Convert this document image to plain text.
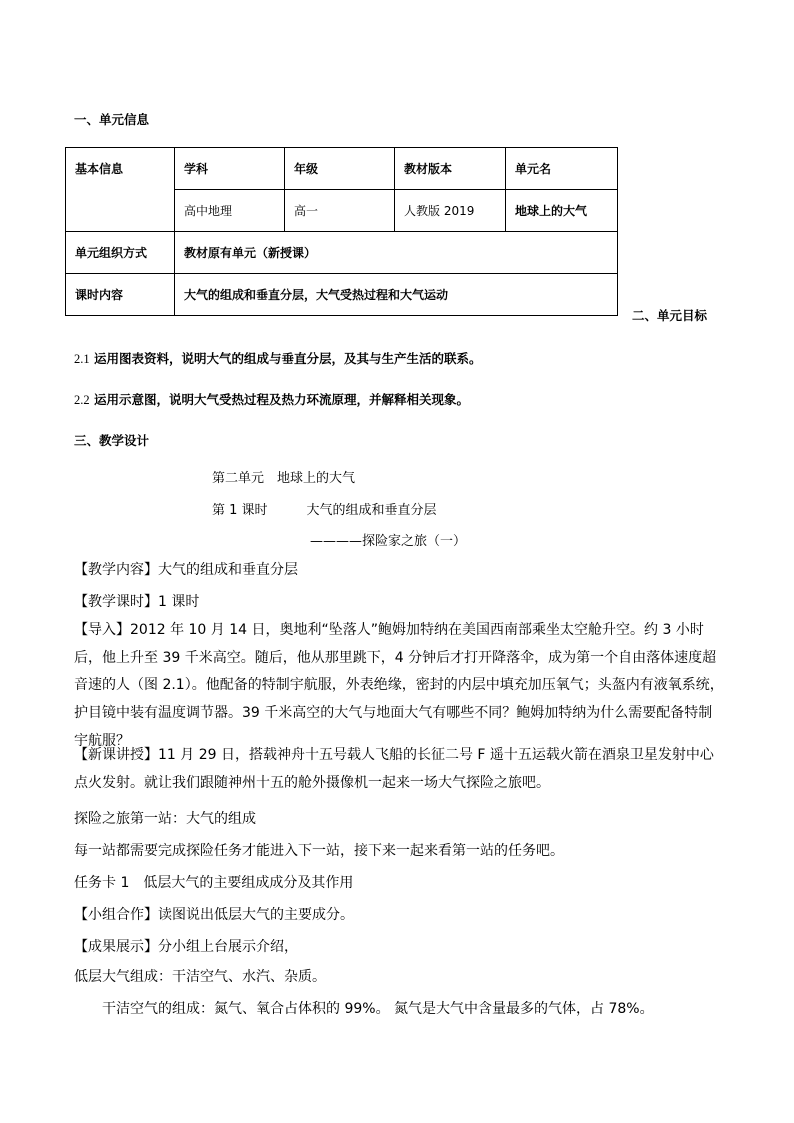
一、单元信息
基本信息	学科	年级	教材版本	单元名
	高中地理	高一	人教版 2019	地球上的大气
单元组织方式	教材原有单元（新授课）			
课时内容	大气的组成和垂直分层，大气受热过程和大气运动			
二、单元目标
2.1 运用图表资料，说明大气的组成与垂直分层，及其与生产生活的联系。
2.2 运用示意图，说明大气受热过程及热力环流原理，并解释相关现象。
三、教学设计
第二单元　地球上的大气
第 1 课时　　　大气的组成和垂直分层
————探险家之旅（一）
【教学内容】大气的组成和垂直分层
【教学课时】1 课时
【导入】2012 年 10 月 14 日，奥地利“坠落人”鲍姆加特纳在美国西南部乘坐太空舱升空。约 3 小时后，他上升至 39 千米高空。随后，他从那里跳下，4 分钟后才打开降落伞，成为第一个自由落体速度超音速的人（图 2.1）。他配备的特制宇航服，外表绝缘，密封的内层中填充加压氧气；头盔内有液氧系统，护目镜中装有温度调节器。39 千米高空的大气与地面大气有哪些不同？鲍姆加特纳为什么需要配备特制宇航服？
【新课讲授】11 月 29 日，搭载神舟十五号载人飞船的长征二号 F 遥十五运载火箭在酒泉卫星发射中心点火发射。就让我们跟随神州十五的舱外摄像机一起来一场大气探险之旅吧。
探险之旅第一站：大气的组成
每一站都需要完成探险任务才能进入下一站，接下来一起来看第一站的任务吧。
任务卡 1　低层大气的主要组成成分及其作用
【小组合作】读图说出低层大气的主要成分。
【成果展示】分小组上台展示介绍，
低层大气组成：干洁空气、水汽、杂质。
干洁空气的组成：氮气、氧合占体积的 99%。 氮气是大气中含量最多的气体，占 78%。
